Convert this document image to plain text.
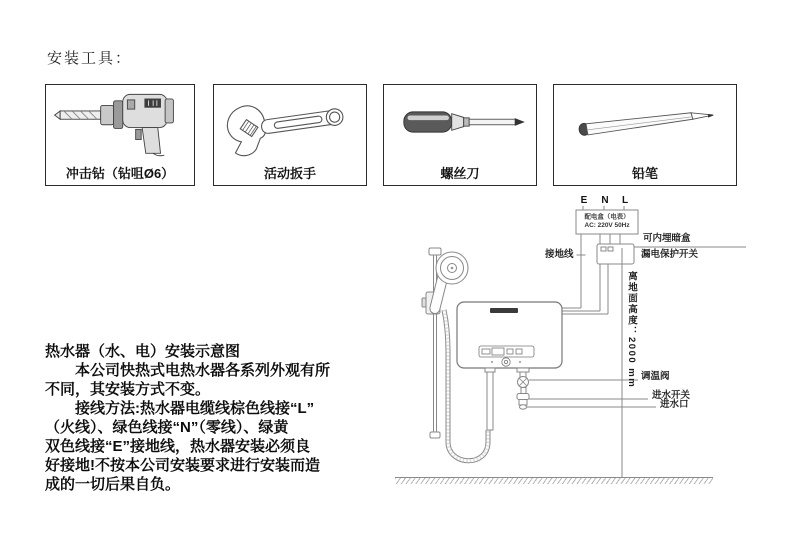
安装工具：
冲击钻（钻咀Ø6）	活动扳手	螺丝刀	铅笔
热水器（水、电）安装示意图
　　本公司快热式电热水器各系列外观有所
不同，其安装方式不变。
　　接线方法:热水器电缆线棕色线接“L”
（火线）、绿色线接“N”（零线）、绿黄
双色线接“E”接地线，热水器安装必须良
好接地!不按本公司安装要求进行安装而造
成的一切后果自负。
E N L
配电盒（电表）
AC: 220V 50Hz
接地线
可内埋暗盒
漏电保护开关
离地面高度：2000 mm 调温阀
进水开关
进水口
